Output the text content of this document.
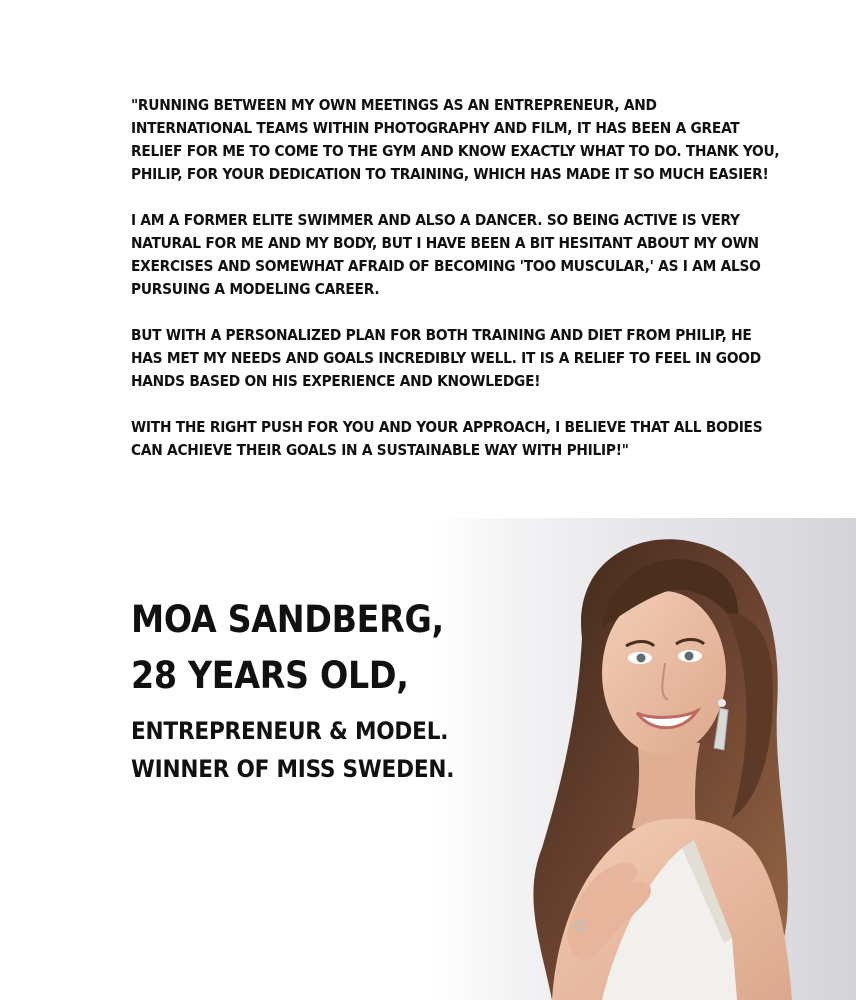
"RUNNING BETWEEN MY OWN MEETINGS AS AN ENTREPRENEUR, AND INTERNATIONAL TEAMS WITHIN PHOTOGRAPHY AND FILM, IT HAS BEEN A GREAT RELIEF FOR ME TO COME TO THE GYM AND KNOW EXACTLY WHAT TO DO. THANK YOU, PHILIP, FOR YOUR DEDICATION TO TRAINING, WHICH HAS MADE IT SO MUCH EASIER!

I AM A FORMER ELITE SWIMMER AND ALSO A DANCER. SO BEING ACTIVE IS VERY NATURAL FOR ME AND MY BODY, BUT I HAVE BEEN A BIT HESITANT ABOUT MY OWN EXERCISES AND SOMEWHAT AFRAID OF BECOMING 'TOO MUSCULAR,' AS I AM ALSO PURSUING A MODELING CAREER.

BUT WITH A PERSONALIZED PLAN FOR BOTH TRAINING AND DIET FROM PHILIP, HE HAS MET MY NEEDS AND GOALS INCREDIBLY WELL. IT IS A RELIEF TO FEEL IN GOOD HANDS BASED ON HIS EXPERIENCE AND KNOWLEDGE!

WITH THE RIGHT PUSH FOR YOU AND YOUR APPROACH, I BELIEVE THAT ALL BODIES CAN ACHIEVE THEIR GOALS IN A SUSTAINABLE WAY WITH PHILIP!"

MOA SANDBERG,

28 YEARS OLD,

ENTREPRENEUR & MODEL.

WINNER OF MISS SWEDEN.
